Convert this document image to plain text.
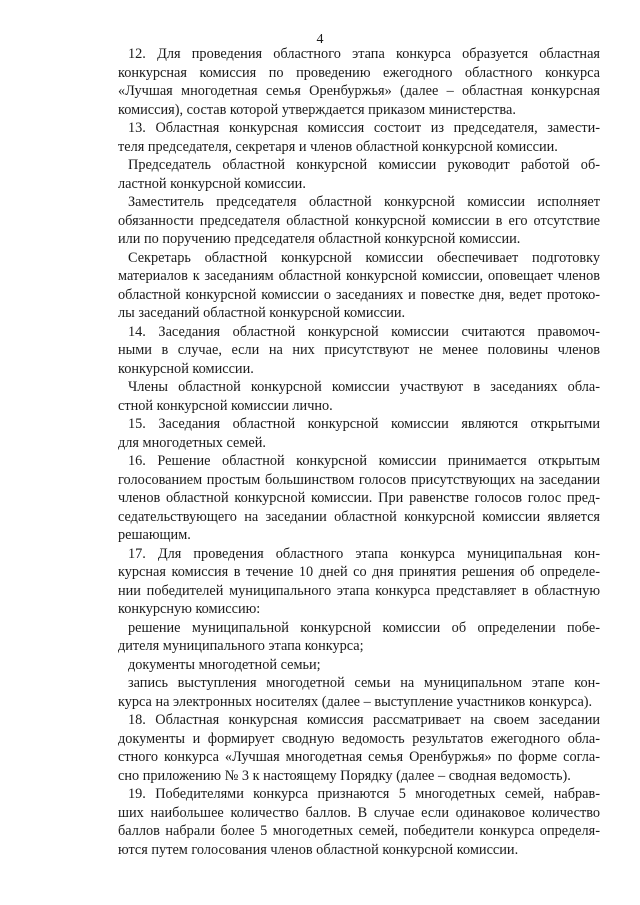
4
12. Для проведения областного этапа конкурса образуется областная
конкурсная комиссия по проведению ежегодного областного конкурса
«Лучшая многодетная семья Оренбуржья» (далее – областная конкурсная
комиссия), состав которой утверждается приказом министерства.
13. Областная конкурсная комиссия состоит из председателя, замести-
теля председателя, секретаря и членов областной конкурсной комиссии.
Председатель областной конкурсной комиссии руководит работой об-
ластной конкурсной комиссии.
Заместитель председателя областной конкурсной комиссии исполняет
обязанности председателя областной конкурсной комиссии в его отсутствие
или по поручению председателя областной конкурсной комиссии.
Секретарь областной конкурсной комиссии обеспечивает подготовку
материалов к заседаниям областной конкурсной комиссии, оповещает членов
областной конкурсной комиссии о заседаниях и повестке дня, ведет протоко-
лы заседаний областной конкурсной комиссии.
14. Заседания областной конкурсной комиссии считаются правомоч-
ными в случае, если на них присутствуют не менее половины членов
конкурсной комиссии.
Члены областной конкурсной комиссии участвуют в заседаниях обла-
стной конкурсной комиссии лично.
15. Заседания областной конкурсной комиссии являются открытыми
для многодетных семей.
16. Решение областной конкурсной комиссии принимается открытым
голосованием простым большинством голосов присутствующих на заседании
членов областной конкурсной комиссии. При равенстве голосов голос пред-
седательствующего на заседании областной конкурсной комиссии является
решающим.
17. Для проведения областного этапа конкурса муниципальная кон-
курсная комиссия в течение 10 дней со дня принятия решения об определе-
нии победителей муниципального этапа конкурса представляет в областную
конкурсную комиссию:
решение муниципальной конкурсной комиссии об определении побе-
дителя муниципального этапа конкурса;
документы многодетной семьи;
запись выступления многодетной семьи на муниципальном этапе кон-
курса на электронных носителях (далее – выступление участников конкурса).
18. Областная конкурсная комиссия рассматривает на своем заседании
документы и формирует сводную ведомость результатов ежегодного обла-
стного конкурса «Лучшая многодетная семья Оренбуржья» по форме согла-
сно приложению № 3 к настоящему Порядку (далее – сводная ведомость).
19. Победителями конкурса признаются 5 многодетных семей, набрав-
ших наибольшее количество баллов. В случае если одинаковое количество
баллов набрали более 5 многодетных семей, победители конкурса определя-
ются путем голосования членов областной конкурсной комиссии.
